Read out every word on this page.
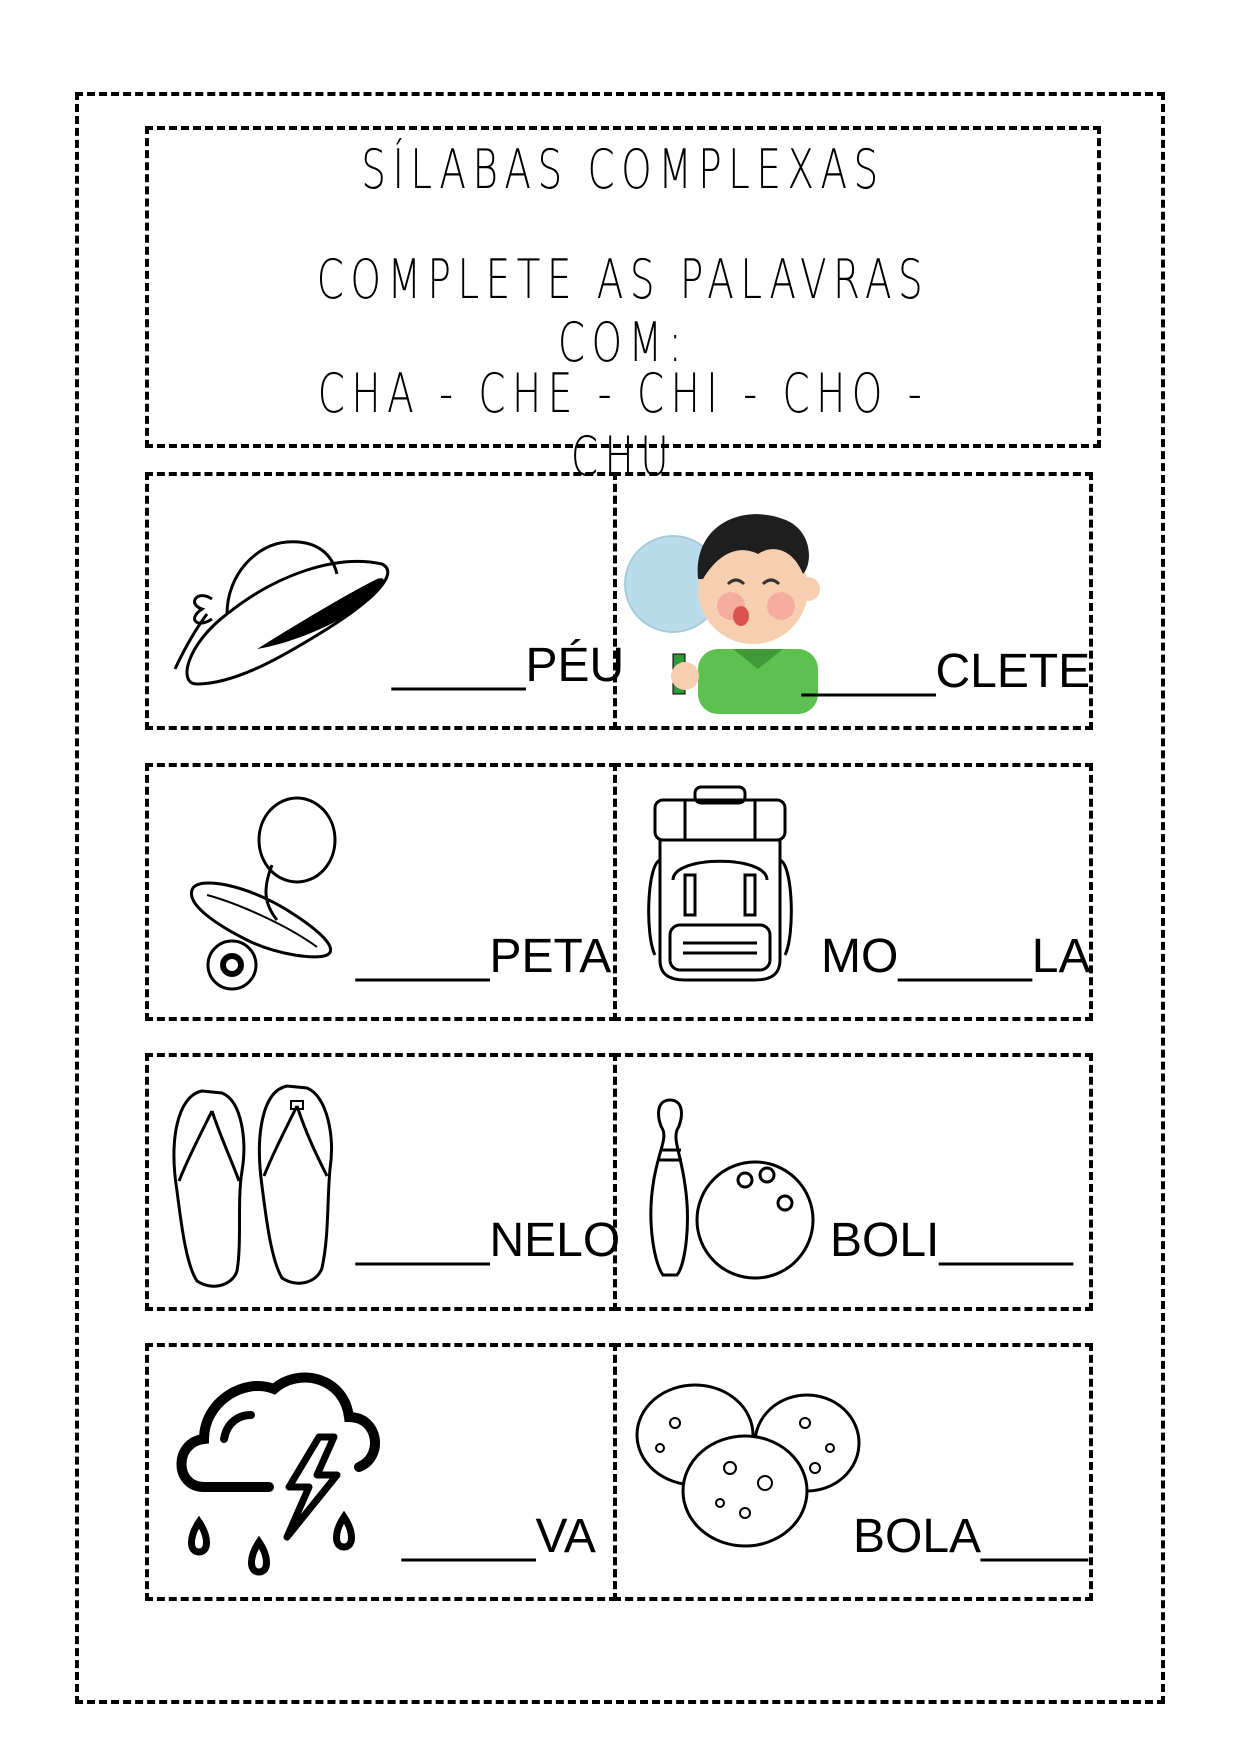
SÍLABAS COMPLEXAS
COMPLETE AS PALAVRAS COM:
CHA - CHE - CHI - CHO -CHU
_____PÉU	_____CLETE
_____PETA	MO_____LA
_____NELO	BOLI_____
_____VA	BOLA____
